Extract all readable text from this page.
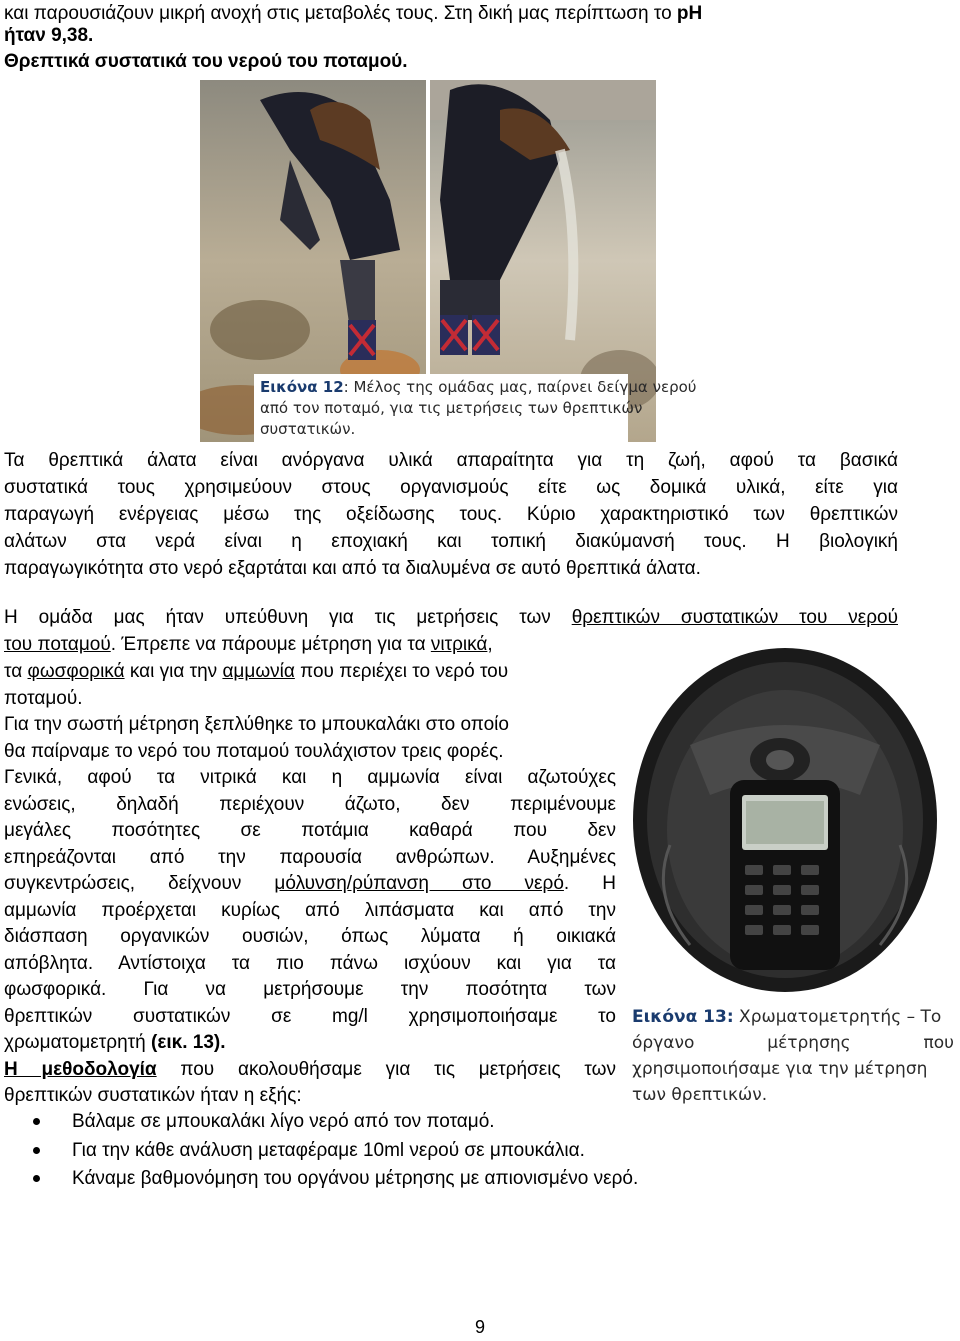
και παρουσιάζουν μικρή ανοχή στις μεταβολές τους. Στη δική μας περίπτωση το pH
ήταν 9,38.
Θρεπτικά συστατικά του νερού του ποταμού.
Εικόνα 12: Μέλος της ομάδας μας, παίρνει δείγμα νερού
από τον ποταμό, για τις μετρήσεις των θρεπτικών
συστατικών.
Τα θρεπτικά άλατα είναι ανόργανα υλικά απαραίτητα για τη ζωή, αφού τα βασικά
συστατικά τους χρησιμεύουν στους οργανισμούς είτε ως δομικά υλικά, είτε για
παραγωγή ενέργειας μέσω της οξείδωσης τους. Κύριο χαρακτηριστικό των θρεπτικών
αλάτων στα νερά είναι η εποχιακή και τοπική διακύμανσή τους. Η βιολογική
παραγωγικότητα στο νερό εξαρτάται και από τα διαλυμένα σε αυτό θρεπτικά άλατα.
Η ομάδα μας ήταν υπεύθυνη για τις μετρήσεις των θρεπτικών συστατικών του νερού
του ποταμού. Έπρεπε να πάρουμε μέτρηση για τα νιτρικά,
τα φωσφορικά και για την αμμωνία που περιέχει το νερό του
ποταμού.
Για την σωστή μέτρηση ξεπλύθηκε το μπουκαλάκι στο οποίο
θα παίρναμε το νερό του ποταμού τουλάχιστον τρεις φορές.
Γενικά, αφού τα νιτρικά και η αμμωνία είναι αζωτούχες
ενώσεις, δηλαδή περιέχουν άζωτο, δεν περιμένουμε
μεγάλες ποσότητες σε ποτάμια καθαρά που δεν
επηρεάζονται από την παρουσία ανθρώπων. Αυξημένες
συγκεντρώσεις, δείχνουν μόλυνση/ρύπανση στο νερό. Η
αμμωνία προέρχεται κυρίως από λιπάσματα και από την
διάσπαση οργανικών ουσιών, όπως λύματα ή οικιακά
απόβλητα. Αντίστοιχα τα πιο πάνω ισχύουν και για τα
φωσφορικά. Για να μετρήσουμε την ποσότητα των
θρεπτικών συστατικών σε mg/l χρησιμοποιήσαμε το
χρωματομετρητή (εικ. 13).
Η μεθοδολογία που ακολουθήσαμε για τις μετρήσεις των
θρεπτικών συστατικών ήταν η εξής:
Εικόνα 13: Χρωματομετρητής – Το
όργανο	μέτρησης	που
χρησιμοποιήσαμε για την μέτρηση
των θρεπτικών.
Βάλαμε σε μπουκαλάκι λίγο νερό από τον ποταμό.
Για την κάθε ανάλυση μεταφέραμε 10ml νερού σε μπουκάλια.
Κάναμε βαθμονόμηση του οργάνου μέτρησης με απιονισμένο νερό.
9
